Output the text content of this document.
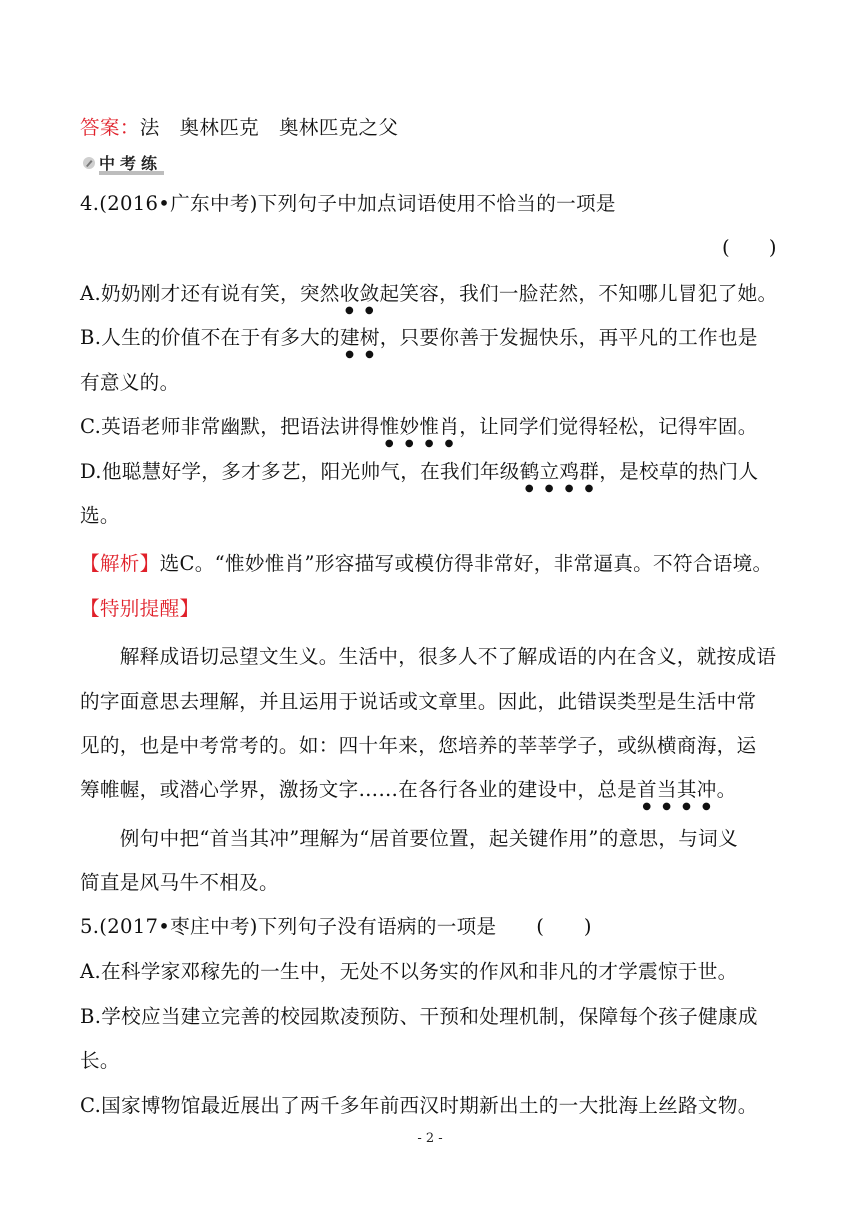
答案：法　奥林匹克　奥林匹克之父
中考练
4.(2016•广东中考)下列句子中加点词语使用不恰当的一项是
(　　)
A.奶奶刚才还有说有笑，突然收敛起笑容，我们一脸茫然，不知哪儿冒犯了她。
B.人生的价值不在于有多大的建树，只要你善于发掘快乐，再平凡的工作也是
有意义的。
C.英语老师非常幽默，把语法讲得惟妙惟肖，让同学们觉得轻松，记得牢固。
D.他聪慧好学，多才多艺，阳光帅气，在我们年级鹤立鸡群，是校草的热门人
选。
【解析】选C。“惟妙惟肖”形容描写或模仿得非常好，非常逼真。不符合语境。
【特别提醒】
　　解释成语切忌望文生义。生活中，很多人不了解成语的内在含义，就按成语
的字面意思去理解，并且运用于说话或文章里。因此，此错误类型是生活中常
见的，也是中考常考的。如：四十年来，您培养的莘莘学子，或纵横商海，运
筹帷幄，或潜心学界，激扬文字……在各行各业的建设中，总是首当其冲。
　　例句中把“首当其冲”理解为“居首要位置，起关键作用”的意思，与词义
简直是风马牛不相及。
5.(2017•枣庄中考)下列句子没有语病的一项是　　(　　)
A.在科学家邓稼先的一生中，无处不以务实的作风和非凡的才学震惊于世。
B.学校应当建立完善的校园欺凌预防、干预和处理机制，保障每个孩子健康成
长。
C.国家博物馆最近展出了两千多年前西汉时期新出土的一大批海上丝路文物。
- 2 -
